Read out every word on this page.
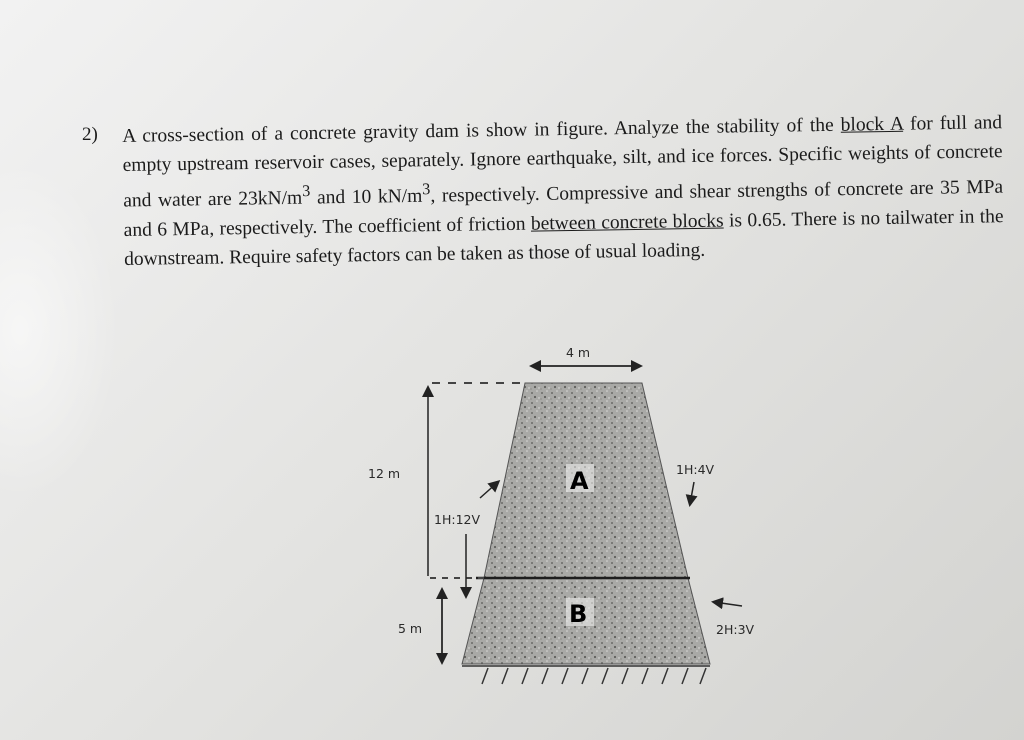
2) A cross-section of a concrete gravity dam is show in figure. Analyze the stability of the block A for full and empty upstream reservoir cases, separately. Ignore earthquake, silt, and ice forces. Specific weights of concrete and water are $23kN/m^3$ and 10 $kN/m^3$, respectively. Compressive and shear strengths of concrete are 35 MPa and 6 MPa, respectively. The coefficient of friction between concrete blocks is 0.65. There is no tailwater in the downstream. Require safety factors can be taken as those of usual loading.
4 m
12 m
5 m
1H:12V
1H:4V
2H:3V
A
B
